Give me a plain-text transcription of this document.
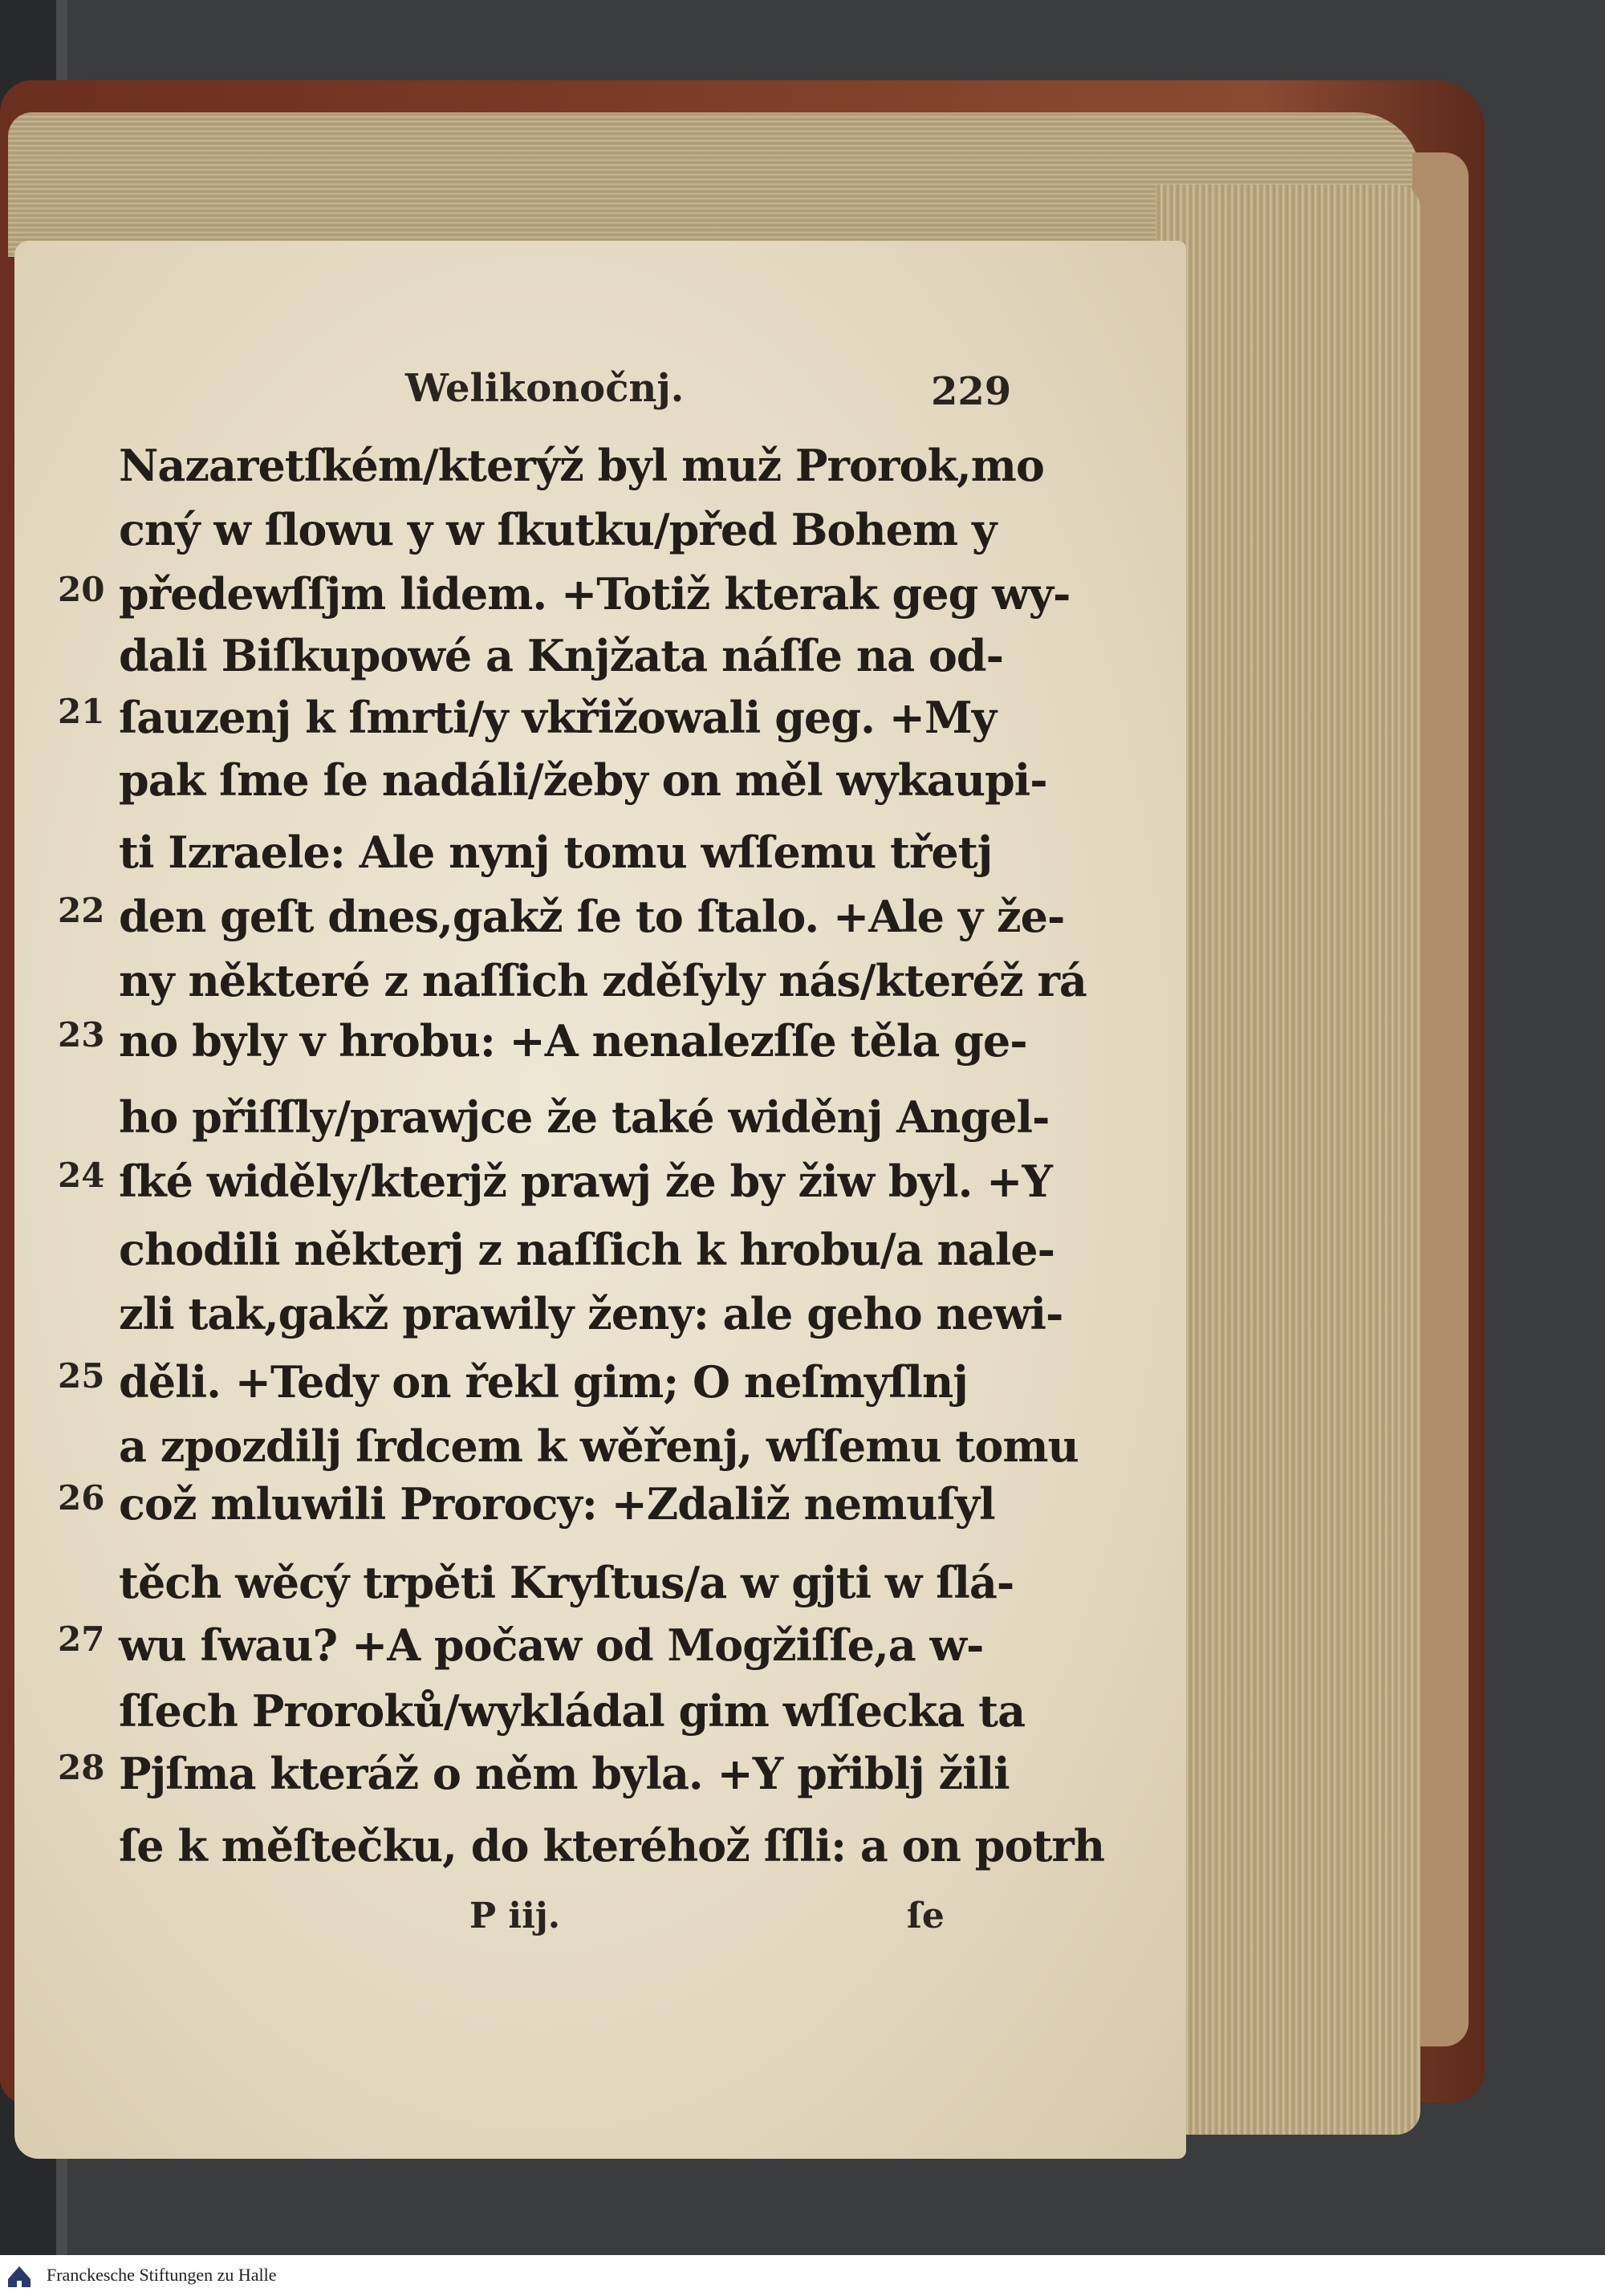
Welikonočnj.	229
20
21
22
23
24
25
26
27
28
Nazaretſkém/kterýž byl muž Prorok,mo
cný w ſlowu y w ſkutku/před Bohem y
předewſſjm lidem. +Totiž kterak geg wy-
dali Biſkupowé a Knjžata náſſe na od-
ſauzenj k ſmrti/y vkřižowali geg. +My
pak ſme ſe nadáli/žeby on měl wykaupi-
ti Izraele: Ale nynj tomu wſſemu třetj
den geſt dnes,gakž ſe to ſtalo. +Ale y že-
ny některé z naſſich zděſyly nás/kteréž rá
no byly v hrobu: +A nenalezſſe těla ge-
ho přiſſly/prawjce že také widěnj Angel-
ſké widěly/kterjž prawj že by žiw byl. +Y
chodili některj z naſſich k hrobu/a nale-
zli tak,gakž prawily ženy: ale geho newi-
děli. +Tedy on řekl gim; O neſmyſlnj
a zpozdilj ſrdcem k wěřenj, wſſemu tomu
což mluwili Prorocy: +Zdaliž nemuſyl
těch wěcý trpěti Kryſtus/a w gjti w ſlá-
wu ſwau? +A počaw od Mogžiſſe,a w-
ſſech Proroků/wykládal gim wſſecka ta
Pjſma kteráž o něm byla. +Y přiblj žili
ſe k měſtečku, do kteréhož ſſli: a on potrh
P iij.	ſe
Franckesche Stiftungen zu Halle
